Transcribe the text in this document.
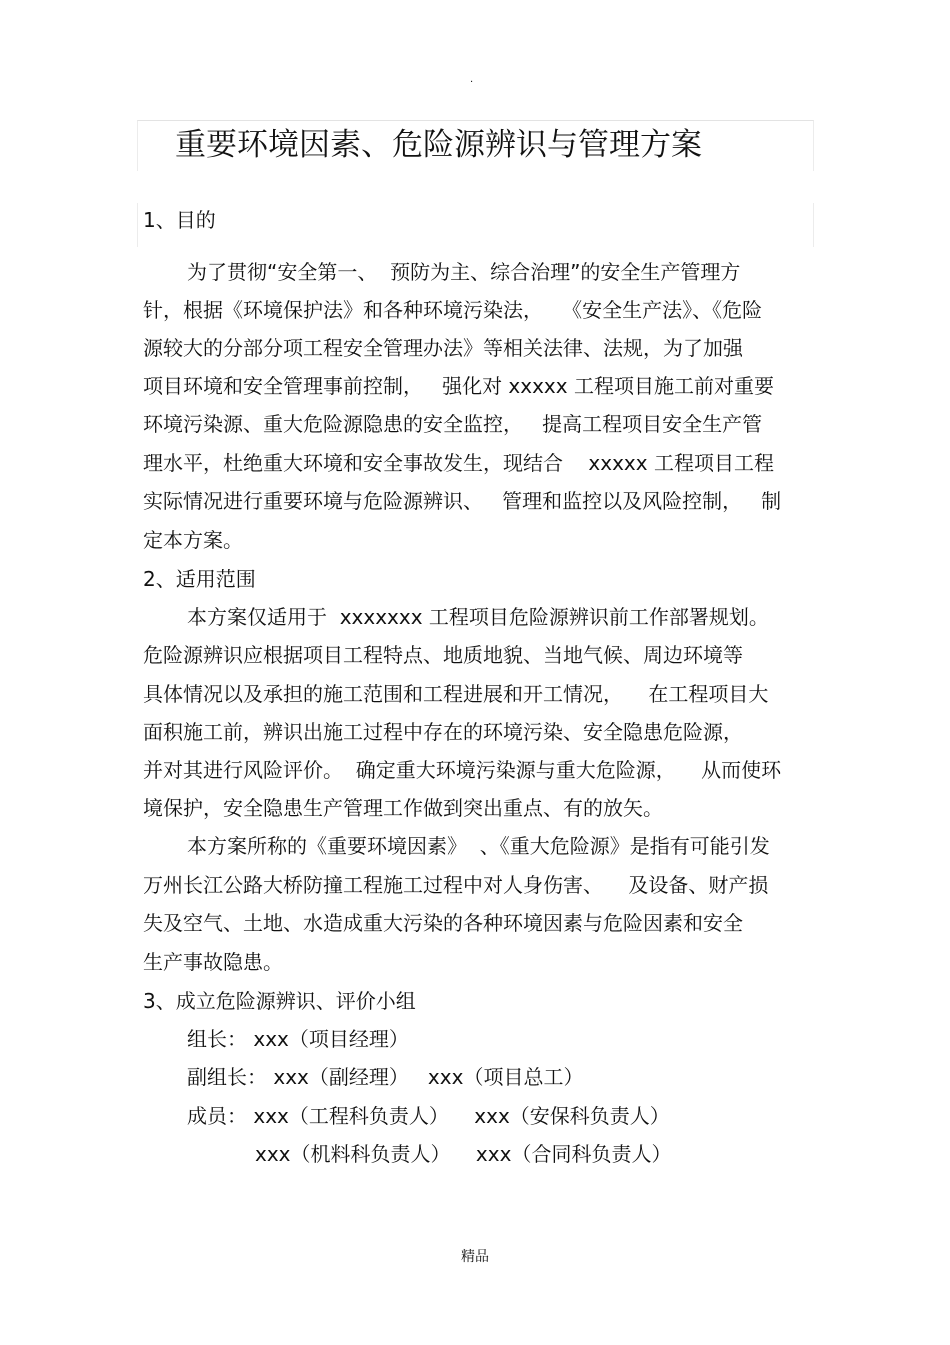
·
重要环境因素、危险源辨识与管理方案
1、目的
为了贯彻“安全第一、  预防为主、综合治理”的安全生产管理方
针，根据《环境保护法》和各种环境污染法，   《安全生产法》、《危险
源较大的分部分项工程安全管理办法》等相关法律、法规，为了加强
项目环境和安全管理事前控制，   强化对 xxxxx 工程项目施工前对重要
环境污染源、重大危险源隐患的安全监控，   提高工程项目安全生产管
理水平，杜绝重大环境和安全事故发生，现结合    xxxxx 工程项目工程
实际情况进行重要环境与危险源辨识、   管理和监控以及风险控制，   制
定本方案。
2、适用范围
本方案仅适用于  xxxxxxx 工程项目危险源辨识前工作部署规划。
危险源辨识应根据项目工程特点、地质地貌、当地气候、周边环境等
具体情况以及承担的施工范围和工程进展和开工情况，    在工程项目大
面积施工前，辨识出施工过程中存在的环境污染、安全隐患危险源，
并对其进行风险评价。  确定重大环境污染源与重大危险源，    从而使环
境保护，安全隐患生产管理工作做到突出重点、有的放矢。
本方案所称的《重要环境因素》  、《重大危险源》是指有可能引发
万州长江公路大桥防撞工程施工过程中对人身伤害、    及设备、财产损
失及空气、土地、水造成重大污染的各种环境因素与危险因素和安全
生产事故隐患。
3、成立危险源辨识、评价小组
组长： xxx（项目经理）
副组长： xxx（副经理）   xxx（项目总工）
成员： xxx（工程科负责人）    xxx（安保科负责人）
xxx（机料科负责人）    xxx（合同科负责人）
精品
